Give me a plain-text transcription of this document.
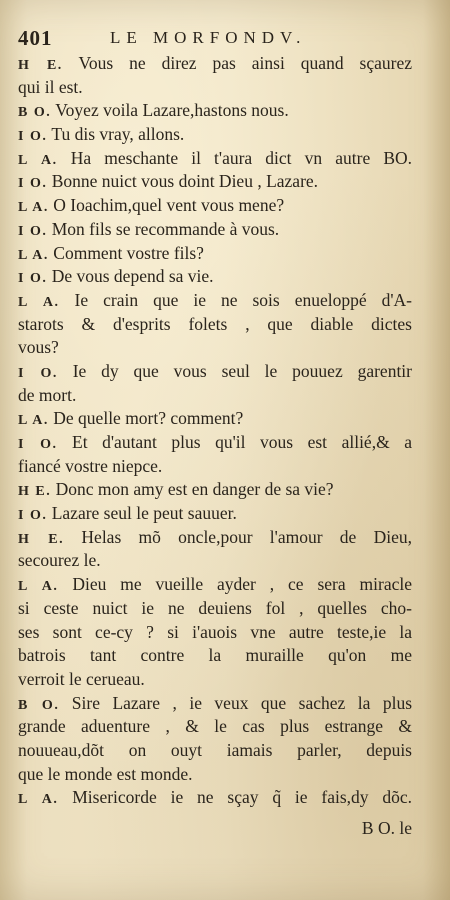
401	LE MORFONDV.
H E. Vous ne direz pas ainsi quand sçaurez
qui il est.
B O. Voyez voila Lazare,hastons nous.
I O. Tu dis vray, allons.
L A. Ha meschante il t'aura dict vn autre BO.
I O. Bonne nuict vous doint Dieu , Lazare.
L A. O Ioachim,quel vent vous mene?
I O. Mon fils se recommande à vous.
L A. Comment vostre fils?
I O. De vous depend sa vie.
L A. Ie crain que ie ne sois enueloppé d'A-
starots & d'esprits folets , que diable dictes
vous?
I O. Ie dy que vous seul le pouuez garentir
de mort.
L A. De quelle mort? comment?
I O. Et d'autant plus qu'il vous est allié,& a
fiancé vostre niepce.
H E. Donc mon amy est en danger de sa vie?
I O. Lazare seul le peut sauuer.
H E. Helas mõ oncle,pour l'amour de Dieu,
secourez le.
L A. Dieu me vueille ayder , ce sera miracle
si ceste nuict ie ne deuiens fol , quelles cho-
ses sont ce-cy ? si i'auois vne autre teste,ie la
batrois tant contre la muraille qu'on me
verroit le cerueau.
B O. Sire Lazare , ie veux que sachez la plus
grande aduenture , & le cas plus estrange &
nouueau,dõt on ouyt iamais parler, depuis
que le monde est monde.
L A. Misericorde ie ne sçay q̃ ie fais,dy dõc.
B O. le
